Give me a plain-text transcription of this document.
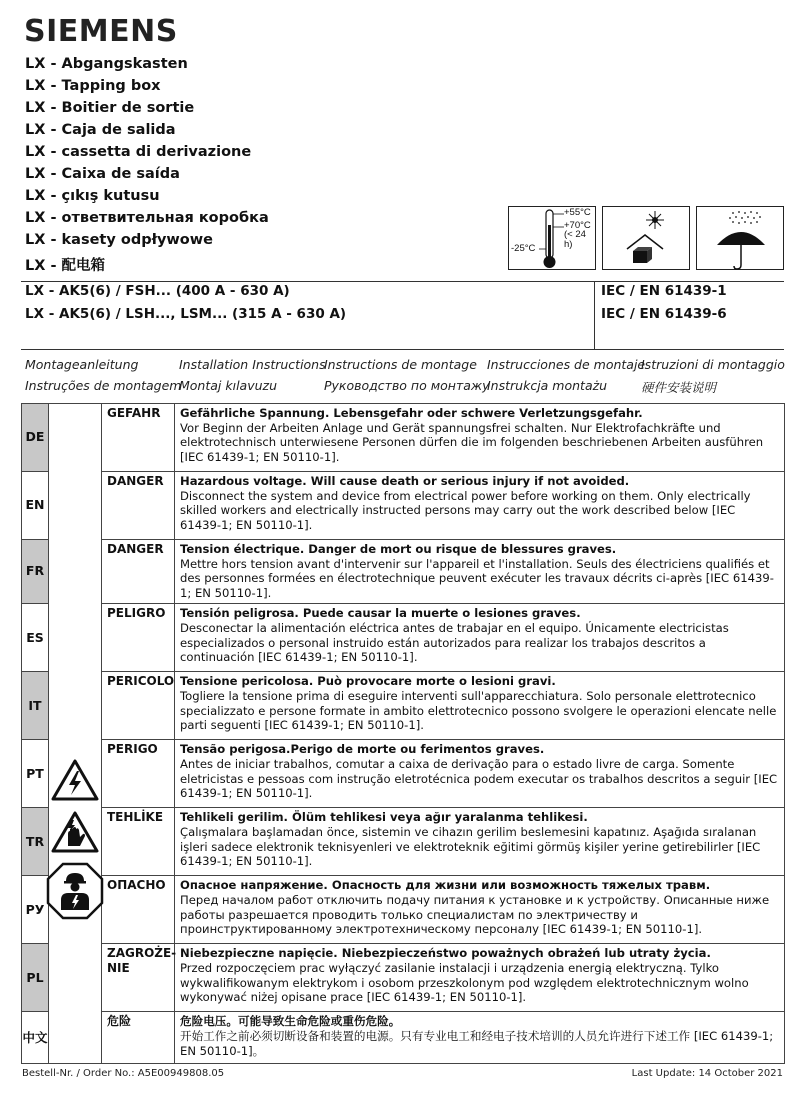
SIEMENS
LX - Abgangskasten
LX - Tapping box
LX - Boitier de sortie
LX - Caja de salida
LX - cassetta di derivazione
LX - Caixa de saída
LX - çıkış kutusu
LX - ответвительная коробка
LX - kasety odpływowe
LX - 配电箱
+55°C
+70°C
(< 24 h)
-25°C
LX - AK5(6) / FSH... (400 A - 630 A)
LX - AK5(6) / LSH..., LSM... (315 A - 630 A)
IEC / EN 61439-1
IEC / EN 61439-6
Montageanleitung	Installation Instructions
Instructions de montage Instrucciones de montaje
Istruzioni di montaggio
Instruções de montagem
Montaj kılavuzu	Руководство по монтажу
Instrukcja montażu	硬件安装说明
DE		GEFAHR	Gefährliche Spannung. Lebensgefahr oder schwere Verletzungsgefahr.
Vor Beginn der Arbeiten Anlage und Gerät spannungsfrei schalten. Nur Elektrofachkräfte und elektrotechnisch unterwiesene Personen dürfen die im folgenden beschriebenen Arbeiten ausführen [IEC 61439-1; EN 50110-1].
EN		DANGER	Hazardous voltage. Will cause death or serious injury if not avoided.
Disconnect the system and device from electrical power before working on them. Only electrically skilled workers and electrically instructed persons may carry out the work described below [IEC 61439-1; EN 50110-1].
FR		DANGER	Tension électrique. Danger de mort ou risque de blessures graves.
Mettre hors tension avant d'intervenir sur l'appareil et l'installation. Seuls des électriciens qualifiés et des personnes formées en électrotechnique peuvent exécuter les travaux décrits ci-après [IEC 61439-1; EN 50110-1].
ES		PELIGRO	Tensión peligrosa. Puede causar la muerte o lesiones graves.
Desconectar la alimentación eléctrica antes de trabajar en el equipo. Únicamente electricistas especializados o personal instruido están autorizados para realizar los trabajos descritos a continuación [IEC 61439-1; EN 50110-1].
IT		PERICOLO	Tensione pericolosa. Può provocare morte o lesioni gravi.
Togliere la tensione prima di eseguire interventi sull'apparecchiatura. Solo personale elettrotecnico specializzato e persone formate in ambito elettrotecnico possono svolgere le operazioni elencate nelle parti seguenti [IEC 61439-1; EN 50110-1].
PT		PERIGO	Tensão perigosa.Perigo de morte ou ferimentos graves.
Antes de iniciar trabalhos, comutar a caixa de derivação para o estado livre de carga. Somente eletricistas e pessoas com instrução eletrotécnica podem executar os trabalhos descritos a seguir [IEC 61439-1; EN 50110-1].
TR		TEHLİKE	Tehlikeli gerilim. Ölüm tehlikesi veya ağır yaralanma tehlikesi.
Çalışmalara başlamadan önce, sistemin ve cihazın gerilim beslemesini kapatınız. Aşağıda sıralanan işleri sadece elektronik teknisyenleri ve elektroteknik eğitimi görmüş kişiler yerine getirebilirler [IEC 61439-1; EN 50110-1].
РУ		ОПАСНО	Опасное напряжение. Опасность для жизни или возможность тяжелых травм.
Перед началом работ отключить подачу питания к установке и к устройству. Описанные ниже работы разрешается проводить только специалистам по электричеству и проинструктированному электротехническому персоналу [IEC 61439-1; EN 50110-1].
PL		ZAGROŻE-NIE	Niebezpieczne napięcie. Niebezpieczeństwo poważnych obrażeń lub utraty życia.
Przed rozpoczęciem prac wyłączyć zasilanie instalacji i urządzenia energią elektryczną. Tylko wykwalifikowanym elektrykom i osobom przeszkolonym pod względem elektrotechnicznym wolno wykonywać niżej opisane prace [IEC 61439-1; EN 50110-1].
中文		危险	危险电压。可能导致生命危险或重伤危险。
开始工作之前必须切断设备和装置的电源。只有专业电工和经电子技术培训的人员允许进行下述工作 [IEC 61439-1; EN 50110-1]。
Bestell-Nr. / Order No.: A5E00949808.05	Last Update: 14 October 2021
